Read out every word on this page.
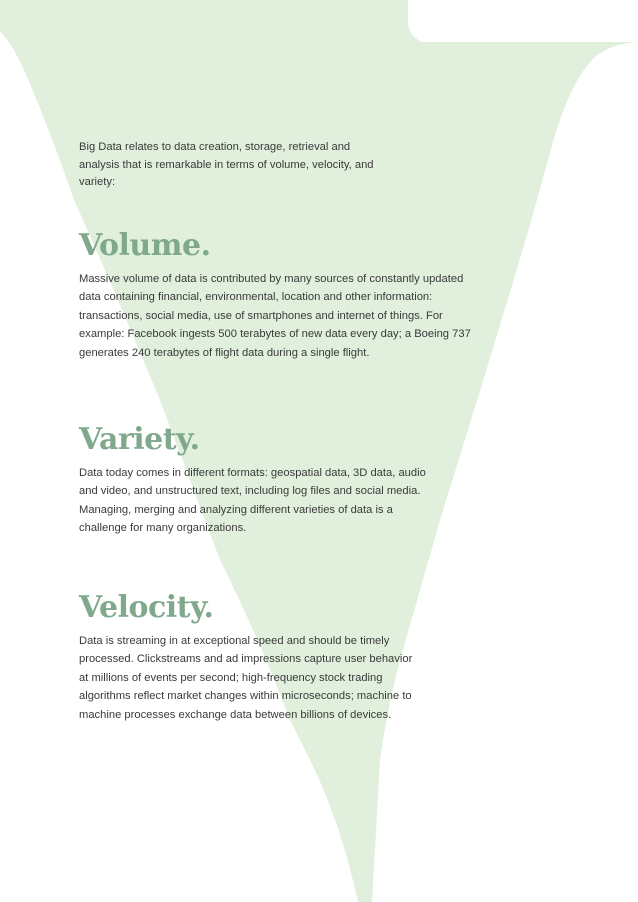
Big Data relates to data creation, storage, retrieval and analysis that is remarkable in terms of volume, velocity, and variety:

Volume.

Massive volume of data is contributed by many sources of constantly updated data containing financial, environmental, location and other information: transactions, social media, use of smartphones and internet of things. For example: Facebook ingests 500 terabytes of new data every day; a Boeing 737 generates 240 terabytes of flight data during a single flight.

Variety.

Data today comes in different formats: geospatial data, 3D data, audio and video, and unstructured text, including log files and social media. Managing, merging and analyzing different varieties of data is a challenge for many organizations.

Velocity.

Data is streaming in at exceptional speed and should be timely processed. Clickstreams and ad impressions capture user behavior at millions of events per second; high-frequency stock trading algorithms reflect market changes within microseconds; machine to machine processes exchange data between billions of devices.
